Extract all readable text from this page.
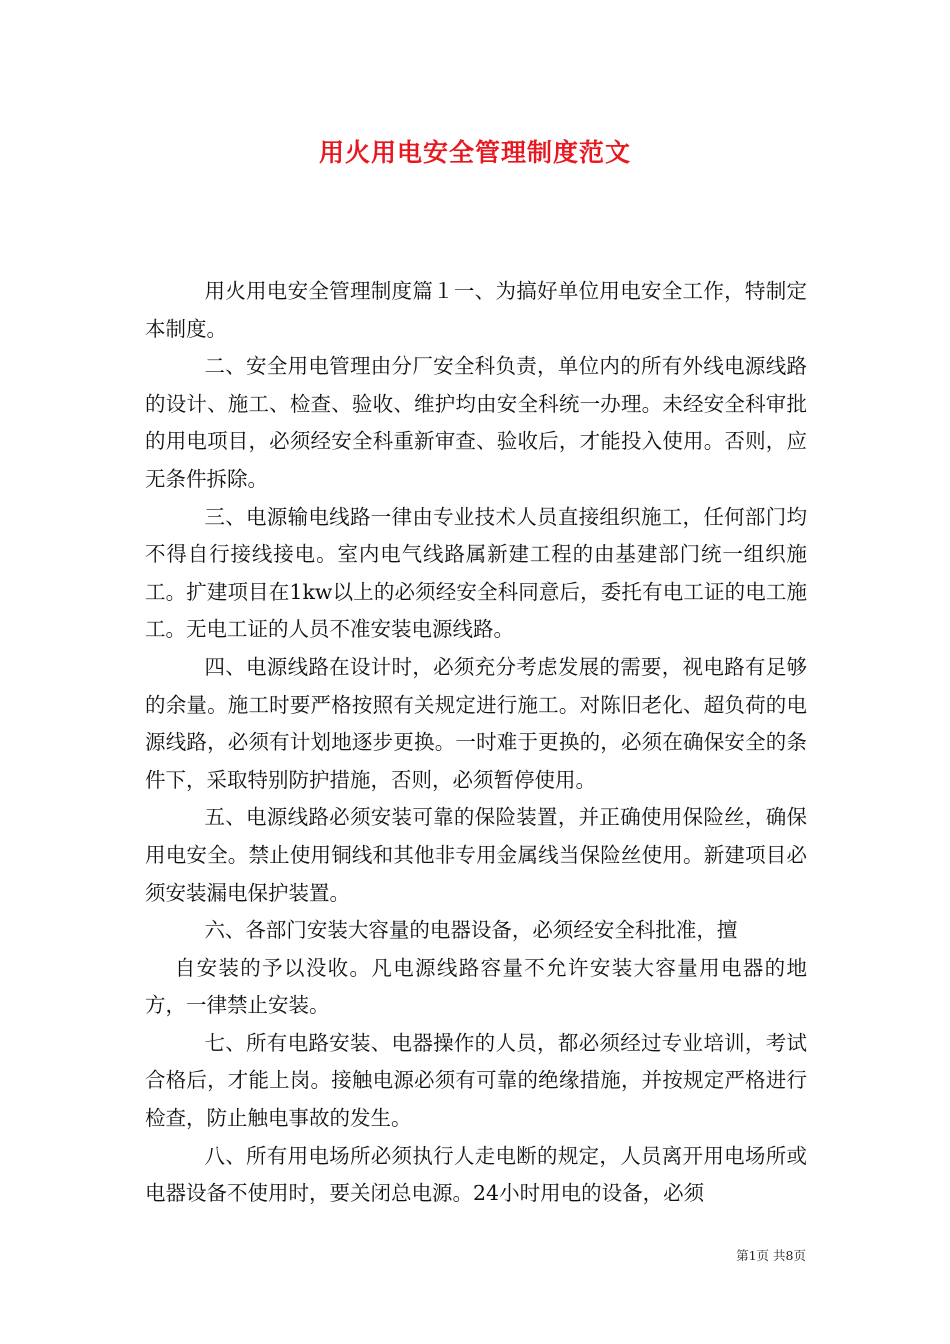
用火用电安全管理制度范文

用火用电安全管理制度篇１一、为搞好单位用电安全工作，特制定本制度。

二、安全用电管理由分厂安全科负责，单位内的所有外线电源线路的设计、施工、检查、验收、维护均由安全科统一办理。未经安全科审批的用电项目，必须经安全科重新审查、验收后，才能投入使用。否则，应无条件拆除。

三、电源输电线路一律由专业技术人员直接组织施工，任何部门均不得自行接线接电。室内电气线路属新建工程的由基建部门统一组织施工。扩建项目在1kw以上的必须经安全科同意后，委托有电工证的电工施工。无电工证的人员不准安装电源线路。

四、电源线路在设计时，必须充分考虑发展的需要，视电路有足够的余量。施工时要严格按照有关规定进行施工。对陈旧老化、超负荷的电源线路，必须有计划地逐步更换。一时难于更换的，必须在确保安全的条件下，采取特别防护措施，否则，必须暂停使用。

五、电源线路必须安装可靠的保险装置，并正确使用保险丝，确保用电安全。禁止使用铜线和其他非专用金属线当保险丝使用。新建项目必须安装漏电保护装置。

六、各部门安装大容量的电器设备，必须经安全科批准，擅

自安装的予以没收。凡电源线路容量不允许安装大容量用电器的地方，一律禁止安装。

七、所有电路安装、电器操作的人员，都必须经过专业培训，考试合格后，才能上岗。接触电源必须有可靠的绝缘措施，并按规定严格进行检查，防止触电事故的发生。

八、所有用电场所必须执行人走电断的规定，人员离开用电场所或电器设备不使用时，要关闭总电源。24小时用电的设备，必须

第1页 共8页
